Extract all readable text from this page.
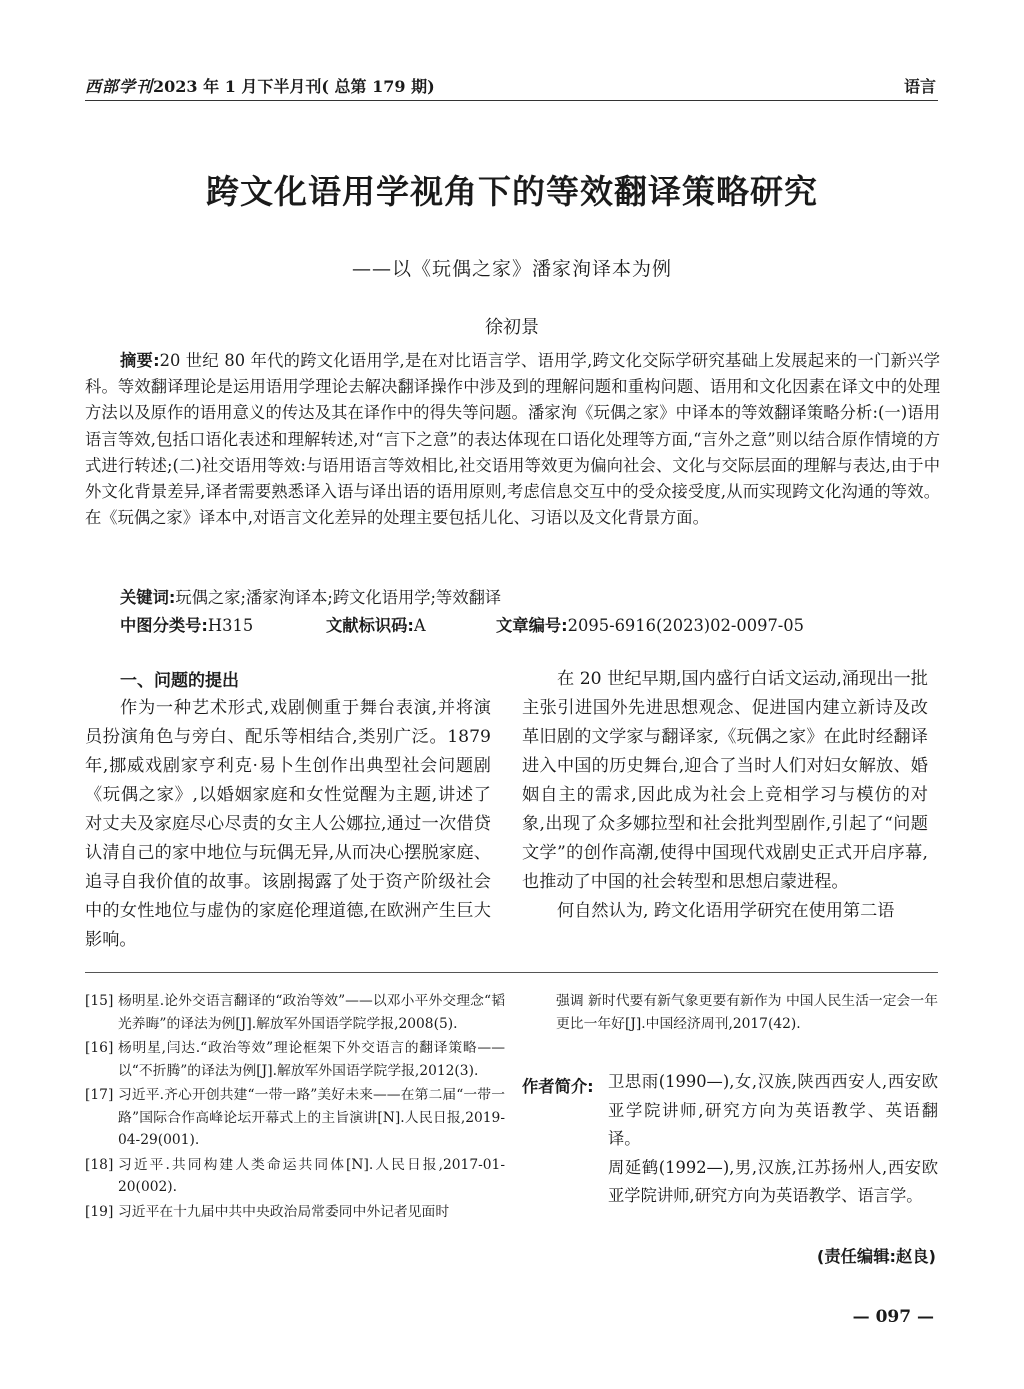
西部学刊2023 年 1 月下半月刊( 总第 179 期)	语言
跨文化语用学视角下的等效翻译策略研究
——以《玩偶之家》潘家洵译本为例
徐初景
摘要:20 世纪 80 年代的跨文化语用学,是在对比语言学、语用学,跨文化交际学研究基础上发展起来的一门新兴学科。等效翻译理论是运用语用学理论去解决翻译操作中涉及到的理解问题和重构问题、语用和文化因素在译文中的处理方法以及原作的语用意义的传达及其在译作中的得失等问题。潘家洵《玩偶之家》中译本的等效翻译策略分析:(一)语用语言等效,包括口语化表述和理解转述,对“言下之意”的表达体现在口语化处理等方面,“言外之意”则以结合原作情境的方式进行转述;(二)社交语用等效:与语用语言等效相比,社交语用等效更为偏向社会、文化与交际层面的理解与表达,由于中外文化背景差异,译者需要熟悉译入语与译出语的语用原则,考虑信息交互中的受众接受度,从而实现跨文化沟通的等效。在《玩偶之家》译本中,对语言文化差异的处理主要包括儿化、习语以及文化背景方面。
关键词:玩偶之家;潘家洵译本;跨文化语用学;等效翻译
中图分类号:H315	文献标识码:A	文章编号:2095-6916(2023)02-0097-05
一、问题的提出

作为一种艺术形式,戏剧侧重于舞台表演,并将演员扮演角色与旁白、配乐等相结合,类别广泛。1879 年,挪威戏剧家亨利克·易卜生创作出典型社会问题剧《玩偶之家》,以婚姻家庭和女性觉醒为主题,讲述了对丈夫及家庭尽心尽责的女主人公娜拉,通过一次借贷认清自己的家中地位与玩偶无异,从而决心摆脱家庭、追寻自我价值的故事。该剧揭露了处于资产阶级社会中的女性地位与虚伪的家庭伦理道德,在欧洲产生巨大影响。

在 20 世纪早期,国内盛行白话文运动,涌现出一批主张引进国外先进思想观念、促进国内建立新诗及改革旧剧的文学家与翻译家,《玩偶之家》在此时经翻译进入中国的历史舞台,迎合了当时人们对妇女解放、婚姻自主的需求,因此成为社会上竞相学习与模仿的对象,出现了众多娜拉型和社会批判型剧作,引起了“问题文学”的创作高潮,使得中国现代戏剧史正式开启序幕,也推动了中国的社会转型和思想启蒙进程。

何自然认为, 跨文化语用学研究在使用第二语

[15] 杨明星.论外交语言翻译的“政治等效”——以邓小平外交理念“韬光养晦”的译法为例[J].解放军外国语学院学报,2008(5).
[16] 杨明星,闫达.“政治等效”理论框架下外交语言的翻译策略——以“不折腾”的译法为例[J].解放军外国语学院学报,2012(3).
[17] 习近平.齐心开创共建“一带一路”美好未来——在第二届“一带一路”国际合作高峰论坛开幕式上的主旨演讲[N].人民日报,2019-04-29(001).
[18] 习近平.共同构建人类命运共同体[N].人民日报,2017-01-20(002).
[19] 习近平在十九届中共中央政治局常委同中外记者见面时
强调 新时代要有新气象更要有新作为 中国人民生活一定会一年更比一年好[J].中国经济周刊,2017(42).
作者简介: 卫思雨(1990—),女,汉族,陕西西安人,西安欧亚学院讲师,研究方向为英语教学、英语翻译。

周延鹤(1992—),男,汉族,江苏扬州人,西安欧亚学院讲师,研究方向为英语教学、语言学。

(责任编辑:赵良)
— 097 —
